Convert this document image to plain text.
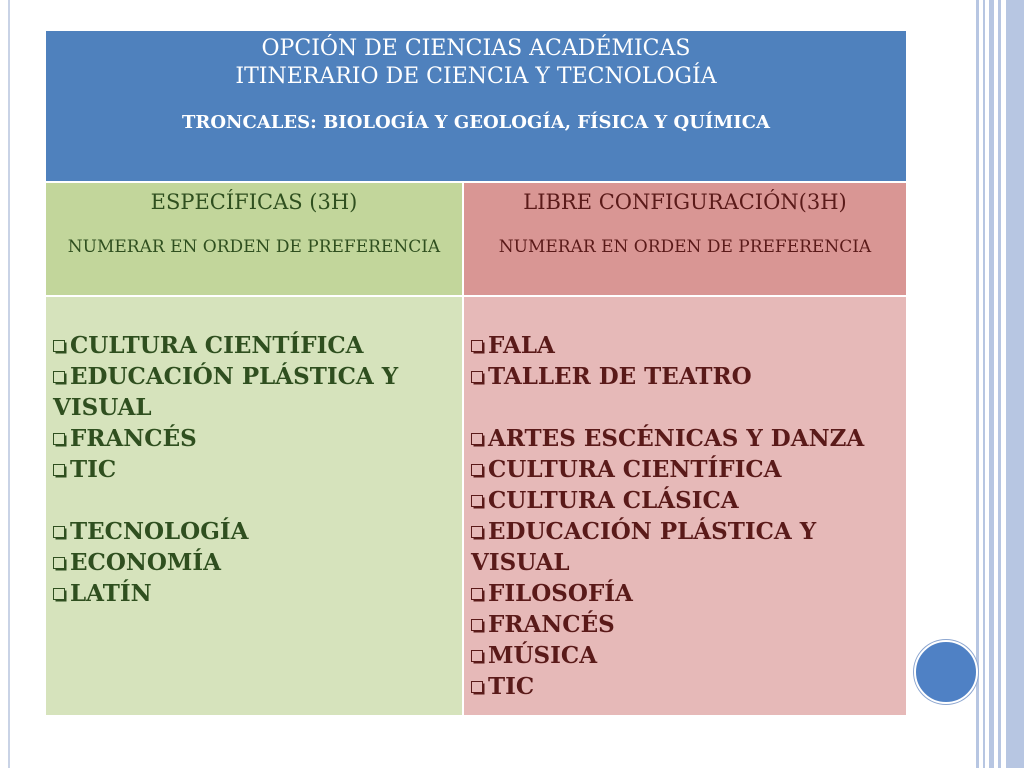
OPCIÓN DE CIENCIAS ACADÉMICAS
ITINERARIO DE CIENCIA Y TECNOLOGÍA
TRONCALES: BIOLOGÍA Y GEOLOGÍA, FÍSICA Y QUÍMICA
ESPECÍFICAS (3H)
NUMERAR EN ORDEN DE PREFERENCIA
LIBRE CONFIGURACIÓN(3H)
NUMERAR EN ORDEN DE PREFERENCIA
CULTURA CIENTÍFICA
EDUCACIÓN PLÁSTICA Y VISUAL
FRANCÉS
TIC
TECNOLOGÍA
ECONOMÍA
LATÍN
FALA
TALLER DE TEATRO
ARTES ESCÉNICAS Y DANZA
CULTURA CIENTÍFICA
CULTURA CLÁSICA
EDUCACIÓN PLÁSTICA Y VISUAL
FILOSOFÍA
FRANCÉS
MÚSICA
TIC
